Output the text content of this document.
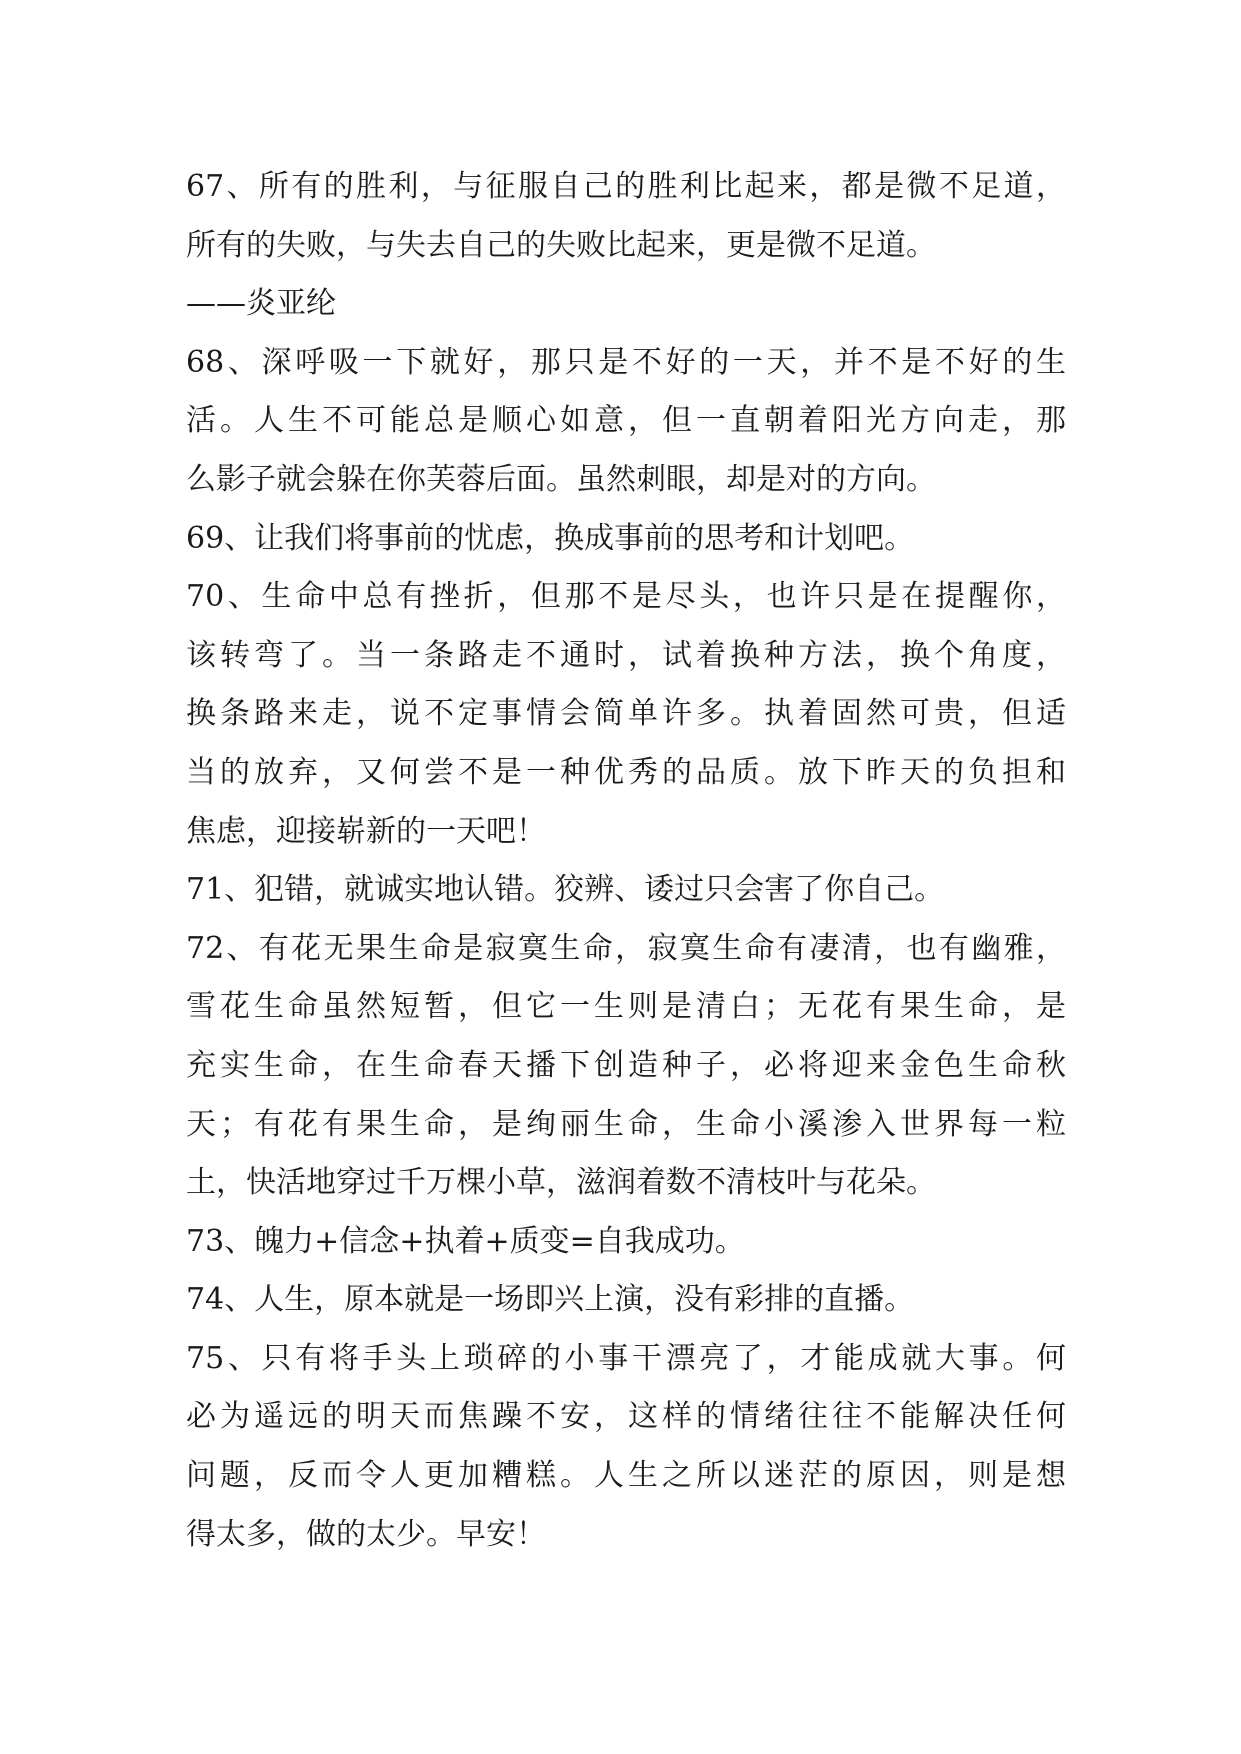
67、所有的胜利，与征服自己的胜利比起来，都是微不足道，
所有的失败，与失去自己的失败比起来，更是微不足道。
——炎亚纶
68、深呼吸一下就好，那只是不好的一天，并不是不好的生
活。人生不可能总是顺心如意，但一直朝着阳光方向走，那
么影子就会躲在你芙蓉后面。虽然刺眼，却是对的方向。
69、让我们将事前的忧虑，换成事前的思考和计划吧。
70、生命中总有挫折，但那不是尽头，也许只是在提醒你，
该转弯了。当一条路走不通时，试着换种方法，换个角度，
换条路来走，说不定事情会简单许多。执着固然可贵，但适
当的放弃，又何尝不是一种优秀的品质。放下昨天的负担和
焦虑，迎接崭新的一天吧！
71、犯错，就诚实地认错。狡辨、诿过只会害了你自己。
72、有花无果生命是寂寞生命，寂寞生命有凄清，也有幽雅，
雪花生命虽然短暂，但它一生则是清白；无花有果生命，是
充实生命，在生命春天播下创造种子，必将迎来金色生命秋
天；有花有果生命，是绚丽生命，生命小溪渗入世界每一粒
土，快活地穿过千万棵小草，滋润着数不清枝叶与花朵。
73、魄力+信念+执着+质变=自我成功。
74、人生，原本就是一场即兴上演，没有彩排的直播。
75、只有将手头上琐碎的小事干漂亮了，才能成就大事。何
必为遥远的明天而焦躁不安，这样的情绪往往不能解决任何
问题，反而令人更加糟糕。人生之所以迷茫的原因，则是想
得太多，做的太少。早安！
